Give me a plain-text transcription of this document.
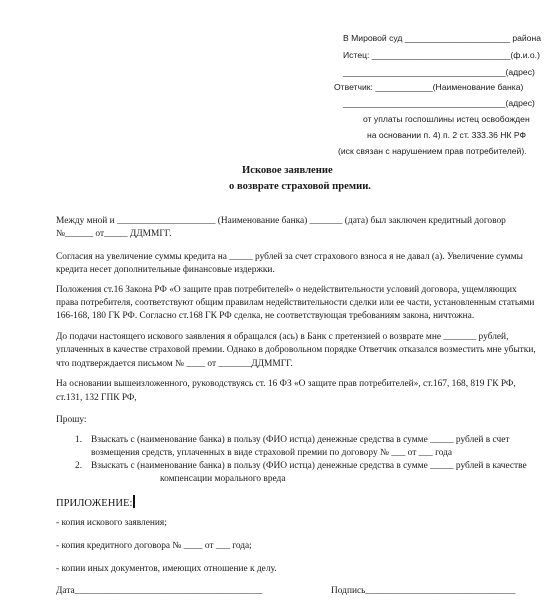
В Мировой суд ______________________ района
Истец: _____________________________(ф.и.о.)
__________________________________(адрес)
Ответчик: ____________(Наименование банка)
__________________________________(адрес)
от уплаты госпошлины истец освобожден
на основании п. 4) п. 2 ст. 333.36 НК РФ
(иск связан с нарушением прав потребителей).
Исковое заявление
о возврате страховой премии.
Между мной и _____________________ (Наименование банка) _______ (дата) был заключен кредитный договор
№______ от_____ ДДММГГ.
Согласия на увеличение суммы кредита на _____ рублей за счет страхового взноса я не давал (а). Увеличение суммы
кредита несет дополнительные финансовые издержки.
Положения ст.16 Закона РФ «О защите прав потребителей» о недействительности условий договора, ущемляющих
права потребителя, соответствуют общим правилам недействительности сделки или ее части, установленным статьями
166-168, 180 ГК РФ. Согласно ст.168 ГК РФ сделка, не соответствующая требованиям закона, ничтожна.
До подачи настоящего искового заявления я обращался (ась) в Банк с претензией о возврате мне _______ рублей,
уплаченных в качестве страховой премии. Однако в добровольном порядке Ответчик отказался возместить мне убытки,
что подтверждается письмом № ____ от _______ДДММГГ.
На основании вышеизложенного, руководствуясь ст. 16 ФЗ «О защите прав потребителей», ст.167, 168, 819 ГК РФ,
ст.131, 132 ГПК РФ,
Прошу:
1. Взыскать с (наименование банка) в пользу (ФИО истца) денежные средства в сумме _____ рублей в счет
возмещения средств, уплаченных в виде страховой премии по договору № ___ от ___ года
2. Взыскать с (наименование банка) в пользу (ФИО истца) денежные средства в сумме _____ рублей в качестве
компенсации морального вреда
ПРИЛОЖЕНИЕ:
- копия искового заявления;
- копия кредитного договора № ____ от ___ года;
- копии иных документов, имеющих отношение к делу.
Дата________________________________________	Подпись________________________________
